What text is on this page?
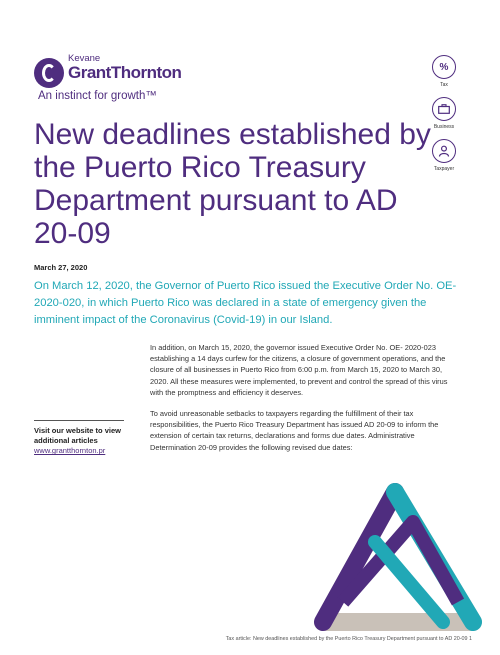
Kevane
GrantThornton
An instinct for growth™
%
Tax
Business
Taxpayer
New deadlines established by the Puerto Rico Treasury Department pursuant to AD 20-09
March 27, 2020

On March 12, 2020, the Governor of Puerto Rico issued the Executive Order No. OE-2020-020, in which Puerto Rico was declared in a state of emergency given the imminent impact of the Coronavirus (Covid-19) in our Island.

In addition, on March 15, 2020, the governor issued Executive Order No. OE- 2020-023 establishing a 14 days curfew for the citizens, a closure of government operations, and the closure of all businesses in Puerto Rico from 6:00 p.m. from March 15, 2020 to March 30, 2020. All these measures were implemented, to prevent and control the spread of this virus with the promptness and efficiency it deserves.

To avoid unreasonable setbacks to taxpayers regarding the fulfillment of their tax responsibilities, the Puerto Rico Treasury Department has issued AD 20-09 to inform the extension of certain tax returns, declarations and forms due dates. Administrative Determination 20-09 provides the following revised due dates:

Visit our website to view additional articles
www.grantthornton.pr
Tax article: New deadlines established by the Puerto Rico Treasury Department pursuant to AD 20-09 1
